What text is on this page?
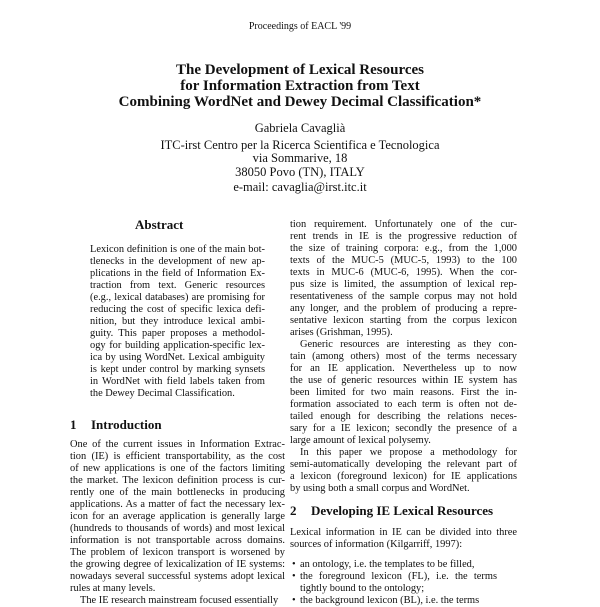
Proceedings of EACL '99
The Development of Lexical Resources
for Information Extraction from Text
Combining WordNet and Dewey Decimal Classification*
Gabriela Cavaglià
ITC-irst Centro per la Ricerca Scientifica e Tecnologica
via Sommarive, 18
38050 Povo (TN), ITALY
e-mail: cavaglia@irst.itc.it
Abstract
Lexicon definition is one of the main bot-
tlenecks in the development of new ap-
plications in the field of Information Ex-
traction from text. Generic resources
(e.g., lexical databases) are promising for
reducing the cost of specific lexica defi-
nition, but they introduce lexical ambi-
guity. This paper proposes a methodol-
ogy for building application-specific lex-
ica by using WordNet. Lexical ambiguity
is kept under control by marking synsets
in WordNet with field labels taken from
the Dewey Decimal Classification.
1 Introduction
One of the current issues in Information Extrac-
tion (IE) is efficient transportability, as the cost
of new applications is one of the factors limiting
the market. The lexicon definition process is cur-
rently one of the main bottlenecks in producing
applications. As a matter of fact the necessary lex-
icon for an average application is generally large
(hundreds to thousands of words) and most lexical
information is not transportable across domains.
The problem of lexicon transport is worsened by
the growing degree of lexicalization of IE systems:
nowadays several successful systems adopt lexical
rules at many levels.
The IE research mainstream focused essentially
tion requirement. Unfortunately one of the cur-
rent trends in IE is the progressive reduction of
the size of training corpora: e.g., from the 1,000
texts of the MUC-5 (MUC-5, 1993) to the 100
texts in MUC-6 (MUC-6, 1995). When the cor-
pus size is limited, the assumption of lexical rep-
resentativeness of the sample corpus may not hold
any longer, and the problem of producing a repre-
sentative lexicon starting from the corpus lexicon
arises (Grishman, 1995).
Generic resources are interesting as they con-
tain (among others) most of the terms necessary
for an IE application. Nevertheless up to now
the use of generic resources within IE system has
been limited for two main reasons. First the in-
formation associated to each term is often not de-
tailed enough for describing the relations neces-
sary for a IE lexicon; secondly the presence of a
large amount of lexical polysemy.
In this paper we propose a methodology for
semi-automatically developing the relevant part of
a lexicon (foreground lexicon) for IE applications
by using both a small corpus and WordNet.
2 Developing IE Lexical Resources
Lexical information in IE can be divided into three
sources of information (Kilgarriff, 1997):
• an ontology, i.e. the templates to be filled,
• the foreground lexicon (FL), i.e. the terms
tightly bound to the ontology;
• the background lexicon (BL), i.e. the terms
